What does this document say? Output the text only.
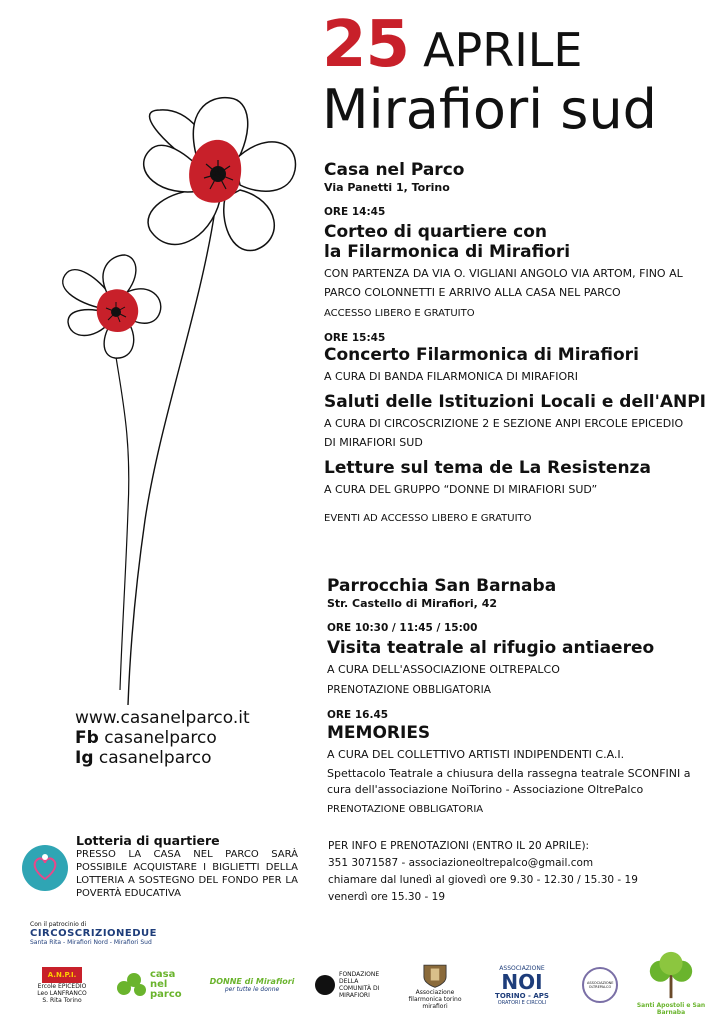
25 APRILE
Mirafiori sud
Casa nel Parco
Via Panetti 1, Torino
ORE 14:45
Corteo di quartiere con
la Filarmonica di Mirafiori
CON PARTENZA DA VIA O. VIGLIANI ANGOLO VIA ARTOM, FINO AL
PARCO COLONNETTI E ARRIVO ALLA CASA NEL PARCO
ACCESSO LIBERO E GRATUITO
ORE 15:45
Concerto Filarmonica di Mirafiori
A CURA DI BANDA FILARMONICA DI MIRAFIORI
Saluti delle Istituzioni Locali e dell'ANPI
A CURA DI CIRCOSCRIZIONE 2 E SEZIONE ANPI ERCOLE EPICEDIO
DI MIRAFIORI SUD
Letture sul tema de La Resistenza
A CURA DEL GRUPPO “DONNE DI MIRAFIORI SUD”
EVENTI AD ACCESSO LIBERO E GRATUITO
Parrocchia San Barnaba
Str. Castello di Mirafiori, 42
ORE 10:30 / 11:45 / 15:00
Visita teatrale al rifugio antiaereo
A CURA DELL'ASSOCIAZIONE OLTREPALCO
PRENOTAZIONE OBBLIGATORIA
ORE 16.45
MEMORIES
A CURA DEL COLLETTIVO ARTISTI INDIPENDENTI C.A.I.
Spettacolo Teatrale a chiusura della rassegna teatrale SCONFINI a
cura dell'associazione NoiTorino - Associazione OltrePalco
PRENOTAZIONE OBBLIGATORIA
www.casanelparco.it
Fb casanelparco
Ig casanelparco
Lotteria di quartiere
PRESSO LA CASA NEL PARCO SARÀ POSSIBILE ACQUISTARE I BIGLIETTI DELLA LOTTERIA A SOSTEGNO DEL FONDO PER LA POVERTÀ EDUCATIVA
PER INFO E PRENOTAZIONI (ENTRO IL 20 APRILE):
351 3071587 - associazioneoltrepalco@gmail.com
chiamare dal lunedì al giovedì ore 9.30 - 12.30 / 15.30 - 19
venerdì ore 15.30 - 19
Con il patrocinio di
CIRCOSCRIZIONEDUE
Santa Rita - Mirafiori Nord - Mirafiori Sud
A.N.P.I.
Ercole EPICEDIO
Leo LANFRANCO
S. Rita Torino
casa nel parco
DONNE di Mirafiori
per tutte le donne
FONDAZIONE DELLA COMUNITÀ DI MIRAFIORI	Associazione filarmonica torino mirafiori
ASSOCIAZIONE
NOI
TORINO - APS
ORATORI E CIRCOLI
ASSOCIAZIONE OLTREPALCO
Santi Apostoli e San Barnaba
